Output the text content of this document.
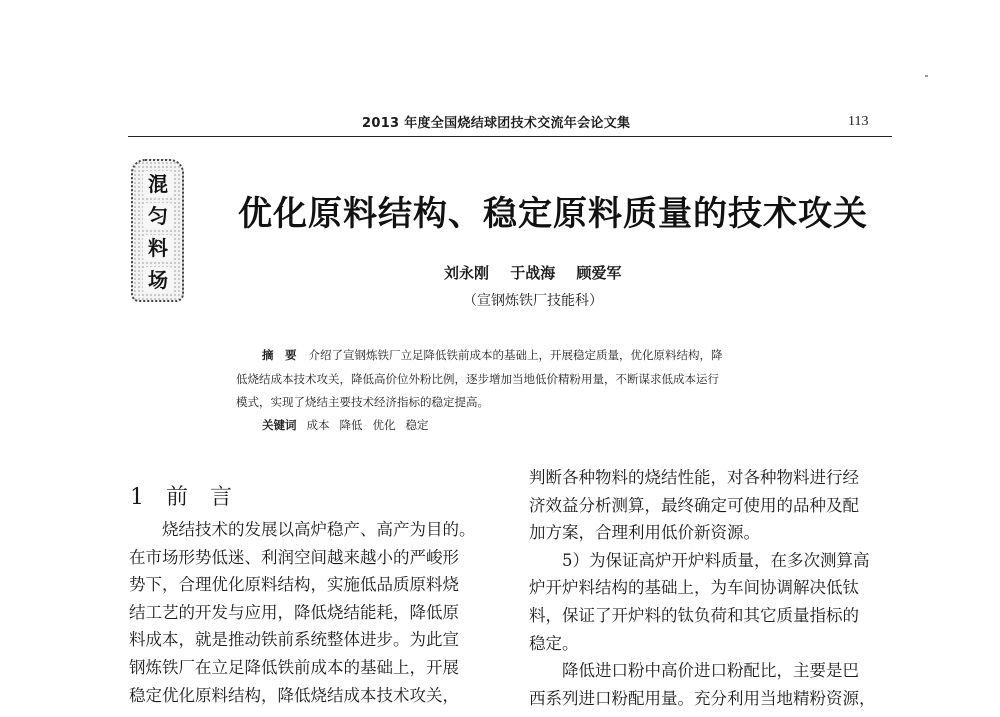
2013 年度全国烧结球团技术交流年会论文集	113
混
匀
料
场
优化原料结构、稳定原料质量的技术攻关
刘永刚 于战海 顾爱军
（宣钢炼铁厂技能科）
摘　要 介绍了宣钢炼铁厂立足降低铁前成本的基础上，开展稳定质量，优化原料结构，降
低烧结成本技术攻关，降低高价位外粉比例，逐步增加当地低价精粉用量，不断谋求低成本运行
模式，实现了烧结主要技术经济指标的稳定提高。
关键词 成本 降低 优化 稳定
1 前言
　　烧结技术的发展以高炉稳产、高产为目的。
在市场形势低迷、利润空间越来越小的严峻形
势下，合理优化原料结构，实施低品质原料烧
结工艺的开发与应用，降低烧结能耗，降低原
料成本，就是推动铁前系统整体进步。为此宣
钢炼铁厂在立足降低铁前成本的基础上，开展
稳定优化原料结构，降低烧结成本技术攻关，
判断各种物料的烧结性能，对各种物料进行经
济效益分析测算，最终确定可使用的品种及配
加方案，合理利用低价新资源。
　　5）为保证高炉开炉料质量，在多次测算高
炉开炉料结构的基础上，为车间协调解决低钛
料，保证了开炉料的钛负荷和其它质量指标的
稳定。
　　降低进口粉中高价进口粉配比，主要是巴
西系列进口粉配用量。充分利用当地精粉资源，
